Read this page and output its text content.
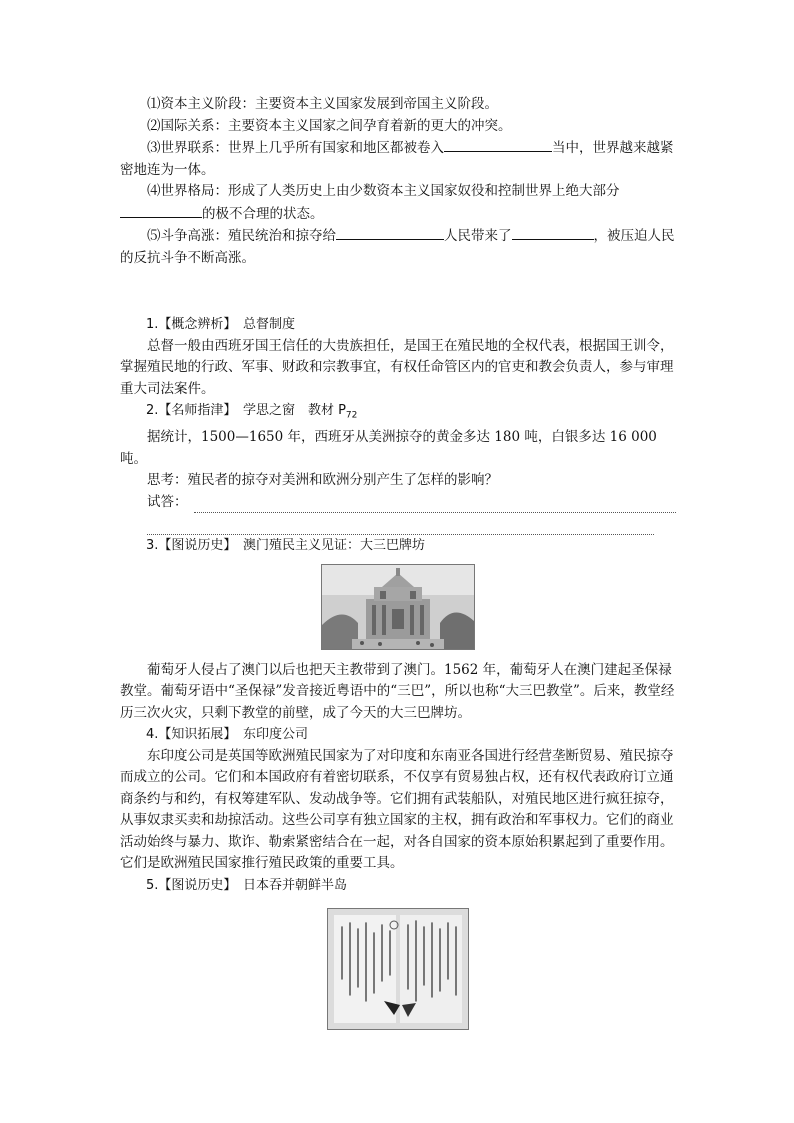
⑴资本主义阶段：主要资本主义国家发展到帝国主义阶段。

⑵国际关系：主要资本主义国家之间孕育着新的更大的冲突。

⑶世界联系：世界上几乎所有国家和地区都被卷入	当中，世界越来越紧密地连为一体。

⑷世界格局：形成了人类历史上由少数资本主义国家奴役和控制世界上绝大部分的极不合理的状态。

⑸斗争高涨：殖民统治和掠夺给	人民带来了	，被压迫人民的反抗斗争不断高涨。

1.【概念辨析】　 总督制度

总督一般由西班牙国王信任的大贵族担任，是国王在殖民地的全权代表，根据国王训令，掌握殖民地的行政、军事、财政和宗教事宜，有权任命管区内的官吏和教会负责人，参与审理重大司法案件。

2.【名师指津】　 学思之窗　教材 $P_{72}$

据统计，1500—1650 年，西班牙从美洲掠夺的黄金多达 180 吨，白银多达 16 000 吨。

思考：殖民者的掠夺对美洲和欧洲分别产生了怎样的影响？

试答：

3.【图说历史】　 澳门殖民主义见证：大三巴牌坊

葡萄牙人侵占了澳门以后也把天主教带到了澳门。1562 年，葡萄牙人在澳门建起圣保禄教堂。葡萄牙语中“圣保禄”发音接近粤语中的“三巴”，所以也称“大三巴教堂”。后来，教堂经历三次火灾，只剩下教堂的前壁，成了今天的大三巴牌坊。

4.【知识拓展】　 东印度公司

东印度公司是英国等欧洲殖民国家为了对印度和东南亚各国进行经营垄断贸易、殖民掠夺而成立的公司。它们和本国政府有着密切联系，不仅享有贸易独占权，还有权代表政府订立通商条约与和约，有权筹建军队、发动战争等。它们拥有武装船队，对殖民地区进行疯狂掠夺，从事奴隶买卖和劫掠活动。这些公司享有独立国家的主权，拥有政治和军事权力。它们的商业活动始终与暴力、欺诈、勒索紧密结合在一起，对各自国家的资本原始积累起到了重要作用。它们是欧洲殖民国家推行殖民政策的重要工具。

5.【图说历史】　 日本吞并朝鲜半岛
